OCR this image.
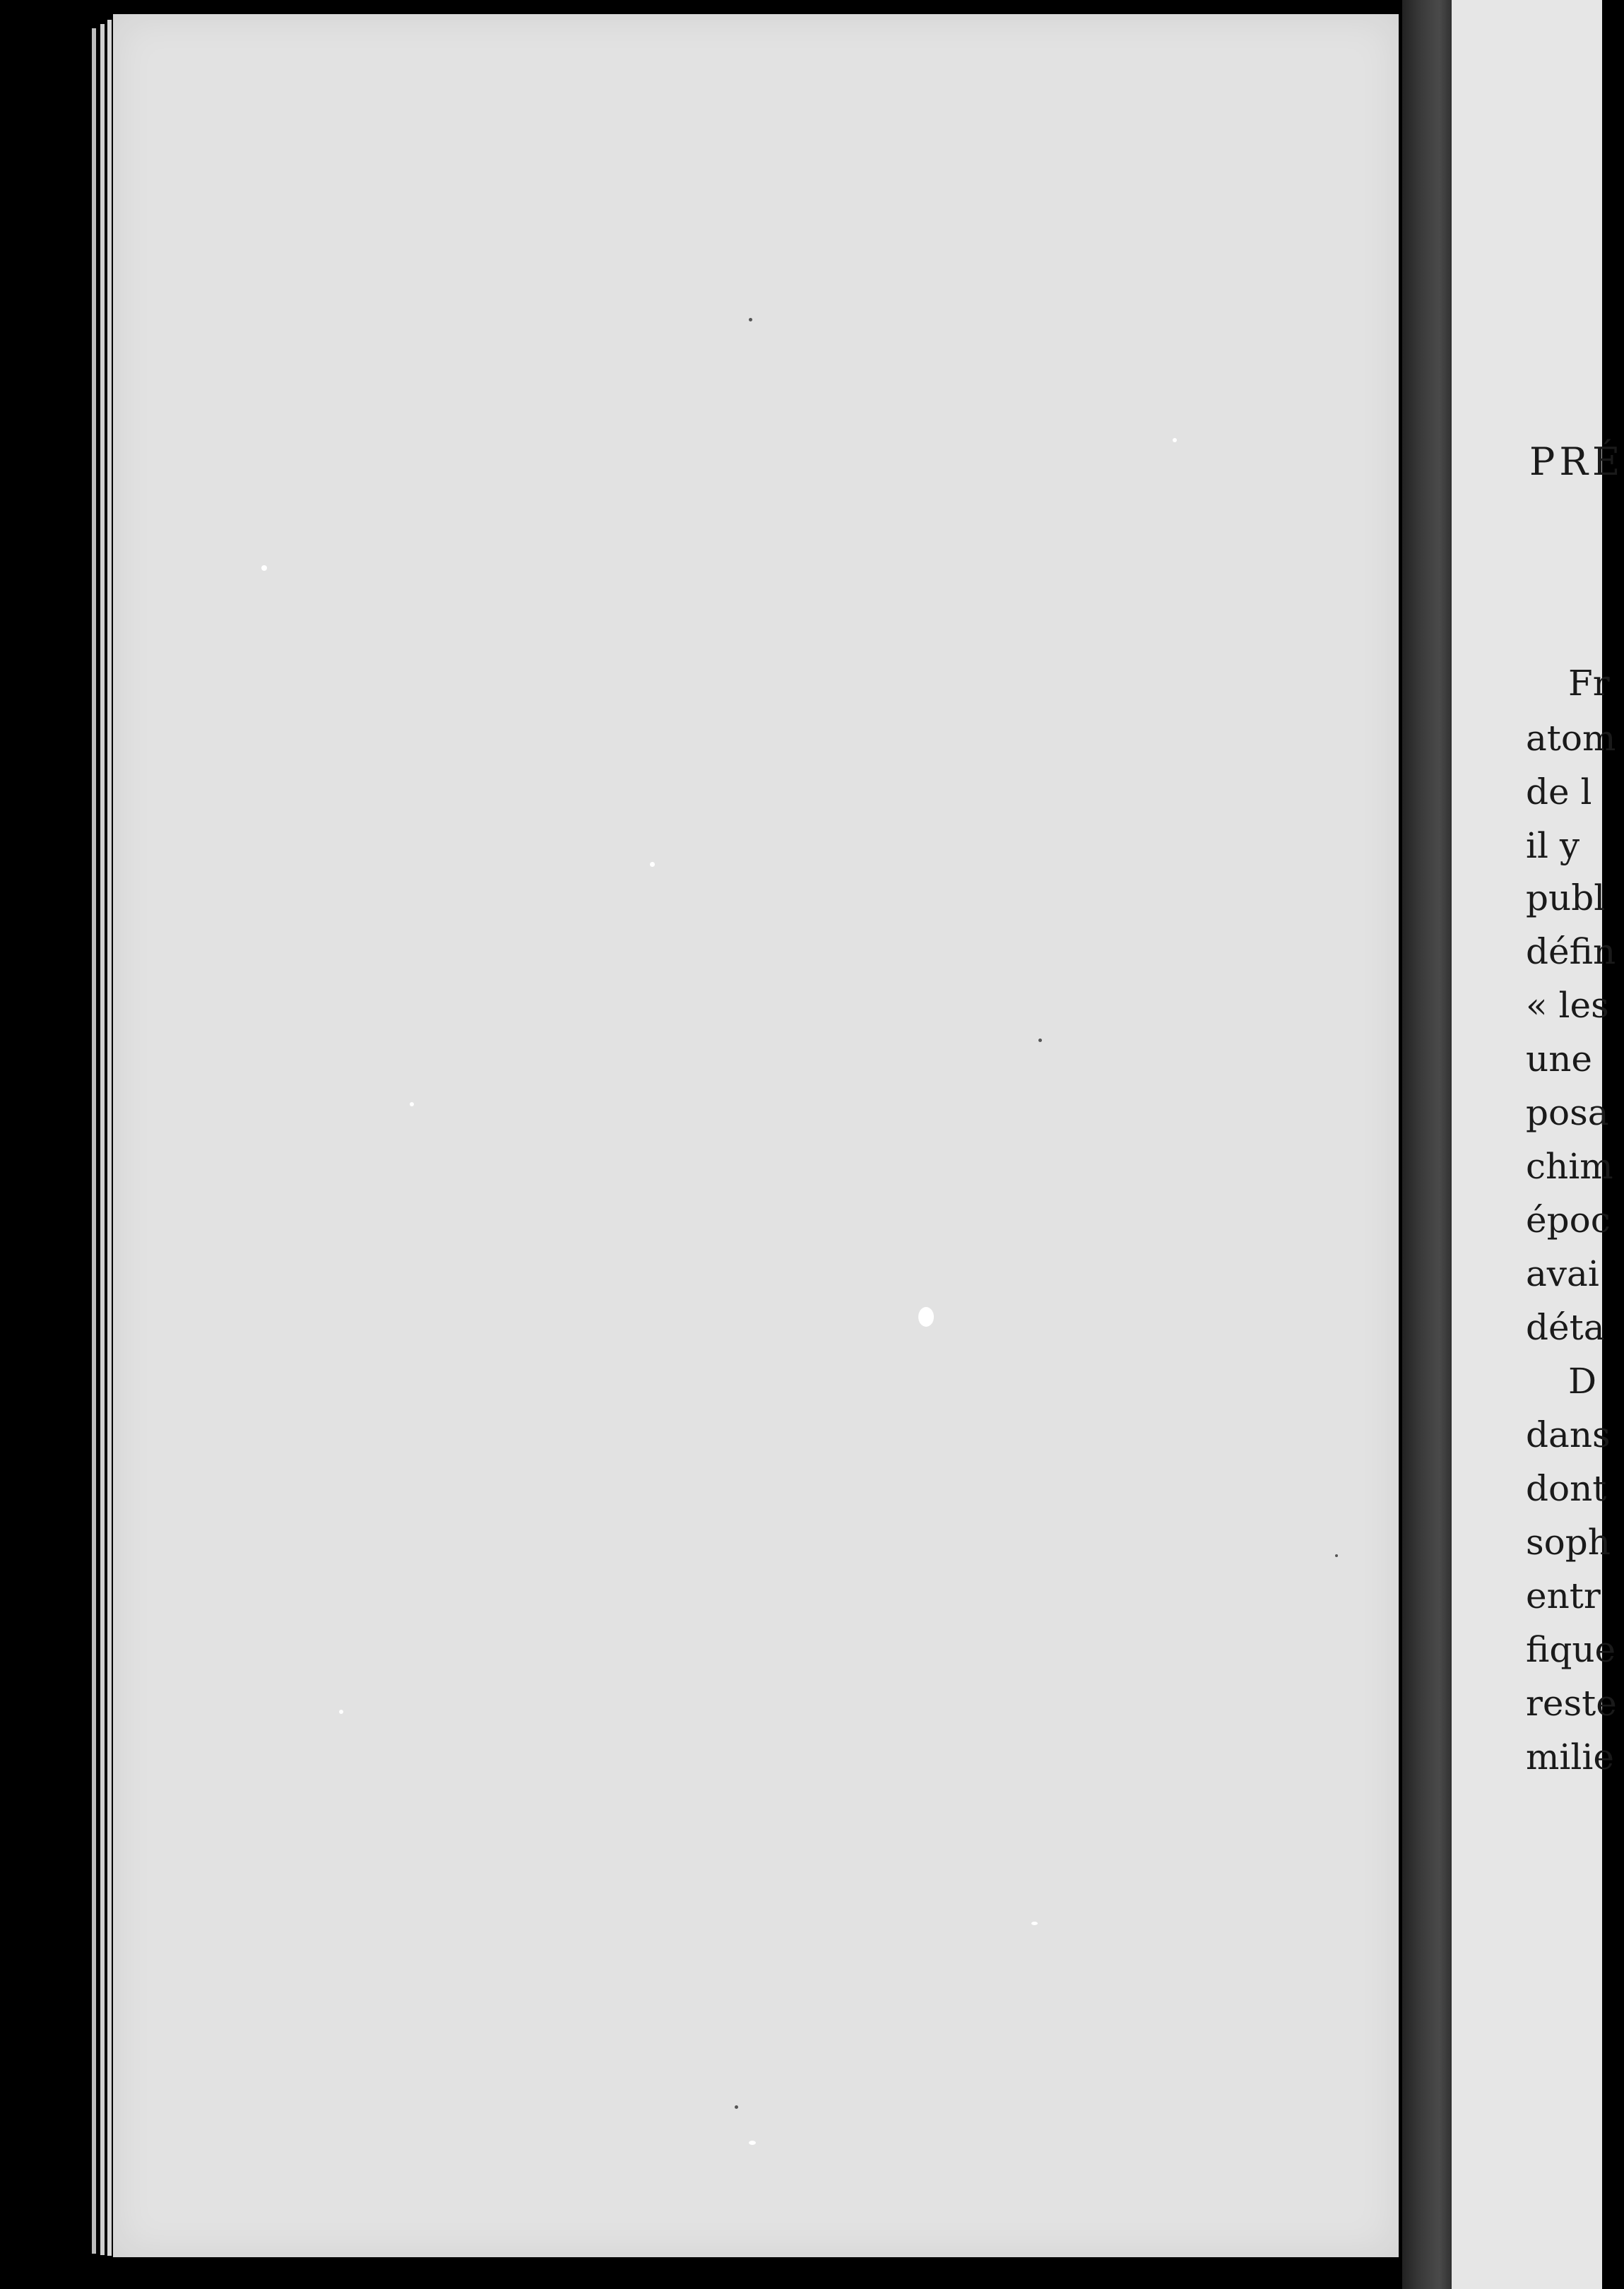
PRÉ
Fr
atom
de l
il y
publ
défin
« les
une
posa
chim
époc
avai
déta
D
dans
dont
soph
entr
fique
reste
milie
